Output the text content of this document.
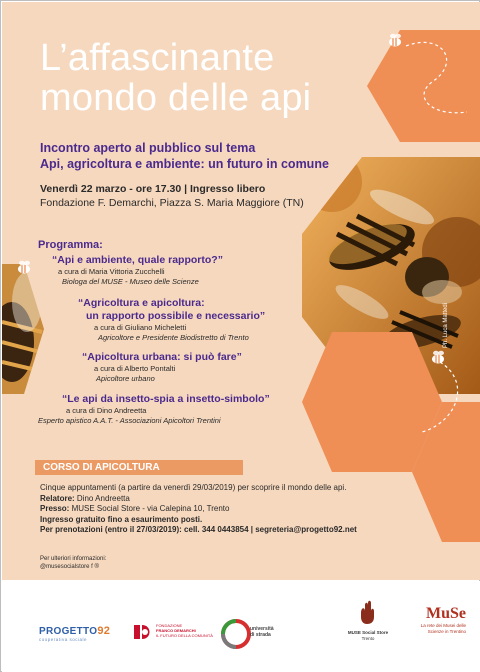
L’affascinante
mondo delle api
Incontro aperto al pubblico sul tema
Api, agricoltura e ambiente: un futuro in comune
Venerdì 22 marzo - ore 17.30 | Ingresso libero
Fondazione F. Demarchi, Piazza S. Maria Maggiore (TN)
Programma:
“Api e ambiente, quale rapporto?”
a cura di Maria Vittoria Zucchelli
Biologa del MUSE - Museo delle Scienze
“Agricoltura e apicoltura:
un rapporto possibile e necessario”
a cura di Giuliano Micheletti
Agricoltore e Presidente Biodistretto di Trento
“Apicoltura urbana: si può fare”
a cura di Alberto Pontalti
Apicoltore urbano
“Le api da insetto-spia a insetto-simbolo”
a cura di Dino Andreetta
Esperto apistico A.A.T. - Associazioni Apicoltori Trentini
Ph. Luca Mattedi
CORSO DI APICOLTURA
Cinque appuntamenti (a partire da venerdì 29/03/2019) per scoprire il mondo delle api.
Relatore: Dino Andreetta
Presso: MUSE Social Store - via Calepina 10, Trento
Ingresso gratuito fino a esaurimento posti.
Per prenotazioni (entro il 27/03/2019): cell. 344 0443854 | segreteria@progetto92.net
Per ulteriori informazioni:
@musesocialstore f ®
PROGETTO92
cooperativa sociale
FONDAZIONE
FRANCO DEMARCHI
IL FUTURO DELLA COMUNITÀ
università
di strada	MUSE Social Store
Trento
MuSe
La rete dei Musei delle
Scienze in Trentino
